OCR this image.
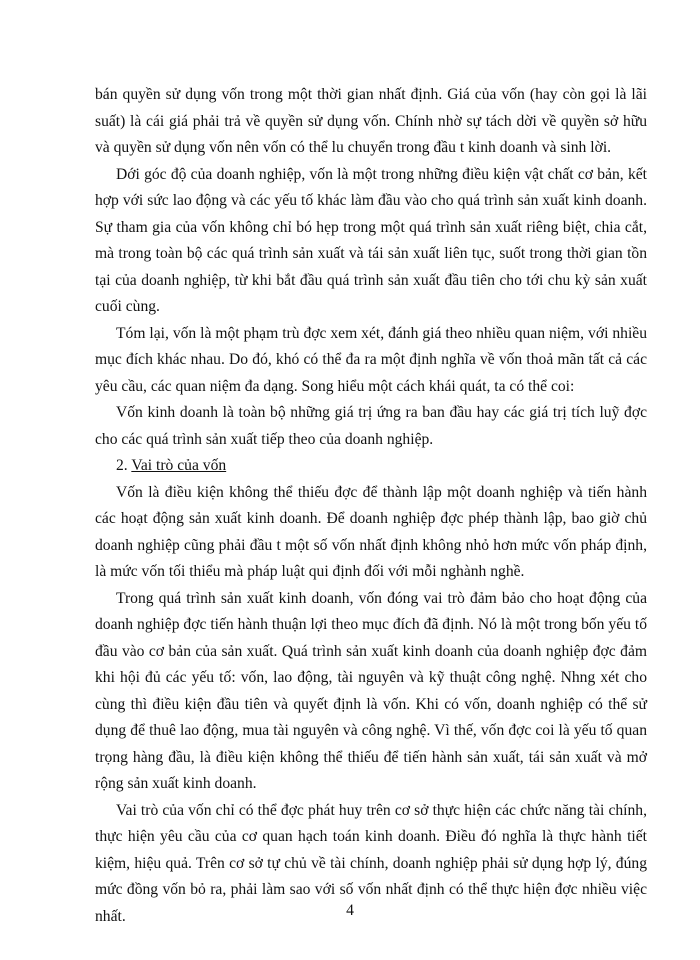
bán quyền sử dụng vốn trong một thời gian nhất định. Giá của vốn (hay còn gọi là lãi suất) là cái giá phải trả về quyền sử dụng vốn. Chính nhờ sự tách dời về quyền sở hữu và quyền sử dụng vốn nên vốn có thể lu chuyển trong đầu t kinh doanh và sinh lời.

Dới góc độ của doanh nghiệp, vốn là một trong những điều kiện vật chất cơ bản, kết hợp với sức lao động và các yếu tố khác làm đầu vào cho quá trình sản xuất kinh doanh. Sự tham gia của vốn không chỉ bó hẹp trong một quá trình sản xuất riêng biệt, chia cắt, mà trong toàn bộ các quá trình sản xuất và tái sản xuất liên tục, suốt trong thời gian tồn tại của doanh nghiệp, từ khi bắt đầu quá trình sản xuất đầu tiên cho tới chu kỳ sản xuất cuối cùng.

Tóm lại, vốn là một phạm trù đợc xem xét, đánh giá theo nhiều quan niệm, với nhiều mục đích khác nhau. Do đó, khó có thể đa ra một định nghĩa về vốn thoả mãn tất cả các yêu cầu, các quan niệm đa dạng. Song hiểu một cách khái quát, ta có thể coi:

Vốn kinh doanh là toàn bộ những giá trị ứng ra ban đầu hay các giá trị tích luỹ đợc cho các quá trình sản xuất tiếp theo của doanh nghiệp.

2. Vai trò của vốn

Vốn là điều kiện không thể thiếu đợc để thành lập một doanh nghiệp và tiến hành các hoạt động sản xuất kinh doanh. Để doanh nghiệp đợc phép thành lập, bao giờ chủ doanh nghiệp cũng phải đầu t một số vốn nhất định không nhỏ hơn mức vốn pháp định, là mức vốn tối thiểu mà pháp luật qui định đối với mỗi nghành nghề.

Trong quá trình sản xuất kinh doanh, vốn đóng vai trò đảm bảo cho hoạt động của doanh nghiệp đợc tiến hành thuận lợi theo mục đích đã định. Nó là một trong bốn yếu tố đầu vào cơ bản của sản xuất. Quá trình sản xuất kinh doanh của doanh nghiệp đợc đảm khi hội đủ các yếu tố: vốn, lao động, tài nguyên và kỹ thuật công nghệ. Nhng xét cho cùng thì điều kiện đầu tiên và quyết định là vốn. Khi có vốn, doanh nghiệp có thể sử dụng để thuê lao động, mua tài nguyên và công nghệ. Vì thế, vốn đợc coi là yếu tố quan trọng hàng đầu, là điều kiện không thể thiếu để tiến hành sản xuất, tái sản xuất và mở rộng sản xuất kinh doanh.

Vai trò của vốn chỉ có thể đợc phát huy trên cơ sở thực hiện các chức năng tài chính, thực hiện yêu cầu của cơ quan hạch toán kinh doanh. Điều đó nghĩa là thực hành tiết kiệm, hiệu quả. Trên cơ sở tự chủ về tài chính, doanh nghiệp phải sử dụng hợp lý, đúng mức đồng vốn bỏ ra, phải làm sao với số vốn nhất định có thể thực hiện đợc nhiều việc nhất.	4
